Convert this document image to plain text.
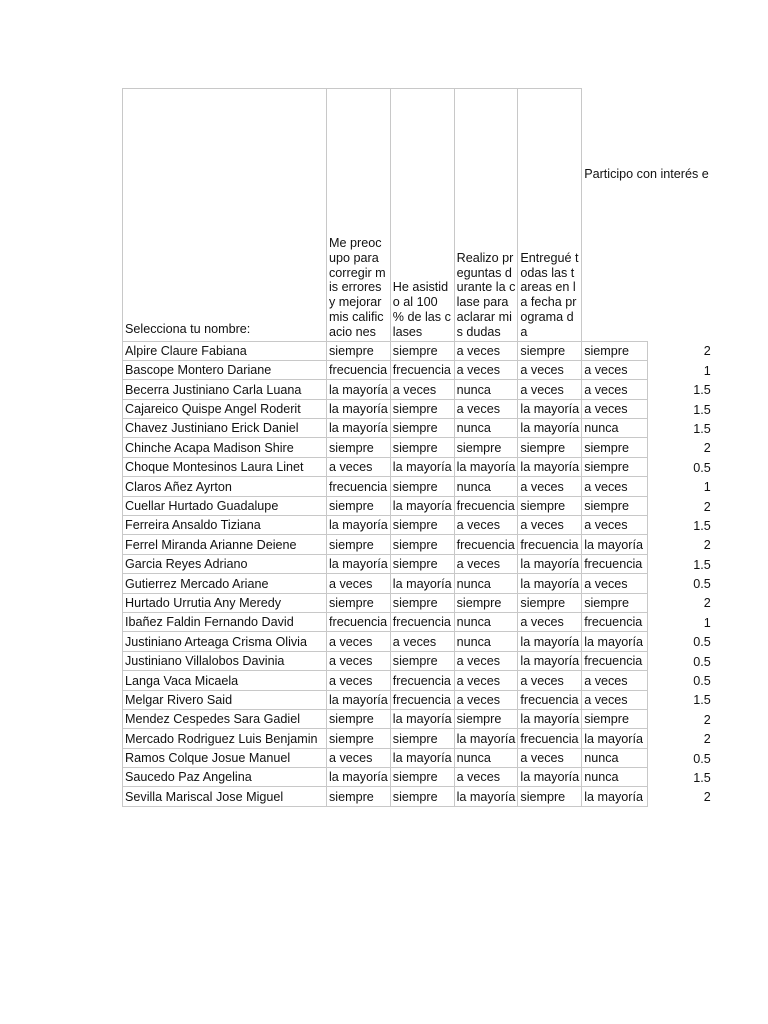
Selecciona tu nombre:	Me preocupo para corregir mis errores y mejorar mis calificacio nes	He asistido al 100 % de las clases	Realizo preguntas durante la clase para aclarar mis dudas	Entregué todas las tareas en la fecha programa da	Participo con interés e	
Alpire Claure Fabiana	siempre	siempre	a veces	siempre	siempre	2
Bascope Montero Dariane	frecuencia	frecuencia	a veces	a veces	a veces	1
Becerra Justiniano Carla Luana	la mayoría	a veces	nunca	a veces	a veces	1.5
Cajareico Quispe Angel Roderit	la mayoría	siempre	a veces	la mayoría	a veces	1.5
Chavez Justiniano Erick Daniel	la mayoría	siempre	nunca	la mayoría	nunca	1.5
Chinche Acapa Madison Shire	siempre	siempre	siempre	siempre	siempre	2
Choque Montesinos Laura Linet	a veces	la mayoría	la mayoría	la mayoría	siempre	0.5
Claros Añez Ayrton	frecuencia	siempre	nunca	a veces	a veces	1
Cuellar Hurtado Guadalupe	siempre	la mayoría	frecuencia	siempre	siempre	2
Ferreira Ansaldo Tiziana	la mayoría	siempre	a veces	a veces	a veces	1.5
Ferrel Miranda Arianne Deiene	siempre	siempre	frecuencia	frecuencia	la mayoría	2
Garcia Reyes Adriano	la mayoría	siempre	a veces	la mayoría	frecuencia	1.5
Gutierrez Mercado Ariane	a veces	la mayoría	nunca	la mayoría	a veces	0.5
Hurtado Urrutia Any Meredy	siempre	siempre	siempre	siempre	siempre	2
Ibañez Faldin Fernando David	frecuencia	frecuencia	nunca	a veces	frecuencia	1
Justiniano Arteaga Crisma Olivia	a veces	a veces	nunca	la mayoría	la mayoría	0.5
Justiniano Villalobos Davinia	a veces	siempre	a veces	la mayoría	frecuencia	0.5
Langa Vaca Micaela	a veces	frecuencia	a veces	a veces	a veces	0.5
Melgar Rivero Said	la mayoría	frecuencia	a veces	frecuencia	a veces	1.5
Mendez Cespedes Sara Gadiel	siempre	la mayoría	siempre	la mayoría	siempre	2
Mercado Rodriguez Luis Benjamin	siempre	siempre	la mayoría	frecuencia	la mayoría	2
Ramos Colque Josue Manuel	a veces	la mayoría	nunca	a veces	nunca	0.5
Saucedo Paz Angelina	la mayoría	siempre	a veces	la mayoría	nunca	1.5
Sevilla Mariscal Jose Miguel	siempre	siempre	la mayoría	siempre	la mayoría	2
